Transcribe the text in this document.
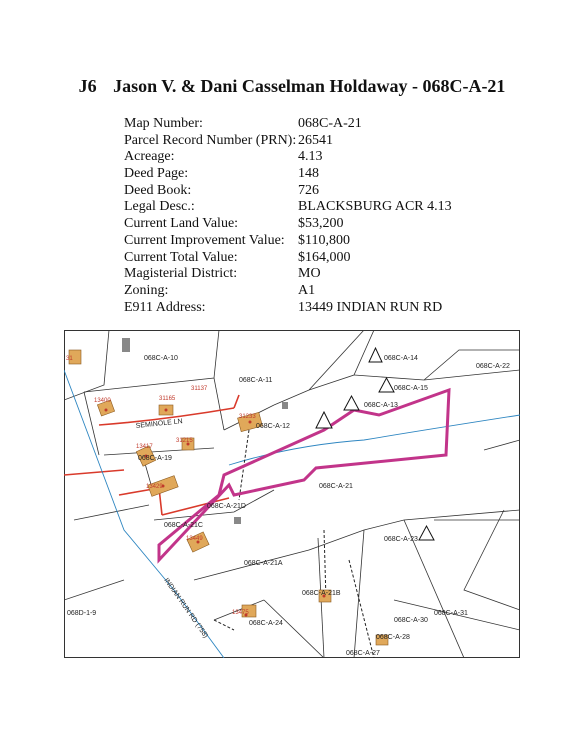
J6 Jason V. & Dani Casselman Holdaway - 068C-A-21
Map Number:	068C-A-21
Parcel Record Number (PRN): 26541
Acreage:	4.13
Deed Page:	148
Deed Book:	726
Legal Desc.:	BLACKSBURG ACR 4.13
Current Land Value:	$53,200
Current Improvement Value: $110,800
Current Total Value:	$164,000
Magisterial District:	MO
Zoning:	A1
E911 Address:	13449 INDIAN RUN RD
068C-A-10
068C-A-11
068C-A-12
068C-A-13
068C-A-14
068C-A-15
068C-A-22
068C-A-19
068C-A-21
068C-A-21D
068C-A-21C
068C-A-23
068C-A-21A
068C-A-21B
068C-A-24	068C-A-30
068C-A-31
068C-A-28
068C-A-27
068D-1-9
SEMINOLE LN
INDIAN RUN RD (758)
13400	31165
31137
31233
13417
31215
13429
13449
13475
31
